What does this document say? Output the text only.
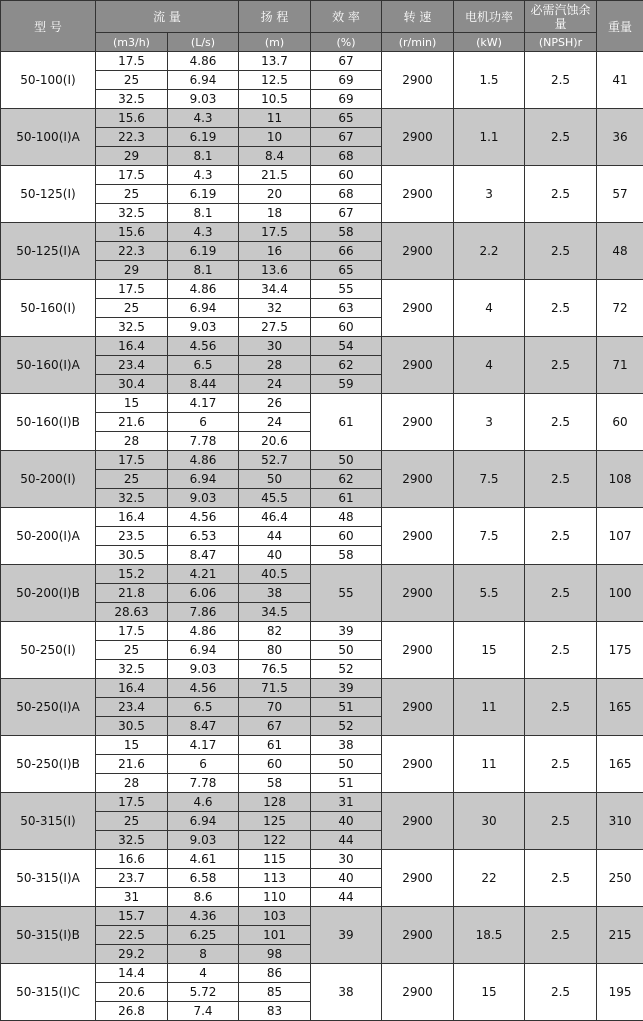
型 号	流 量		扬 程	效 率	转 速	电机功率	必需汽蚀余量	重量
	(m3/h)	(L/s)	(m)	(%)	(r/min)	(kW)	(NPSH)r	
50-100(I)	17.5	4.86	13.7	67	2900	1.5	2.5	41
	25	6.94	12.5	69				
	32.5	9.03	10.5	69				
50-100(I)A	15.6	4.3	11	65	2900	1.1	2.5	36
	22.3	6.19	10	67				
	29	8.1	8.4	68				
50-125(I)	17.5	4.3	21.5	60	2900	3	2.5	57
	25	6.19	20	68				
	32.5	8.1	18	67				
50-125(I)A	15.6	4.3	17.5	58	2900	2.2	2.5	48
	22.3	6.19	16	66				
	29	8.1	13.6	65				
50-160(I)	17.5	4.86	34.4	55	2900	4	2.5	72
	25	6.94	32	63				
	32.5	9.03	27.5	60				
50-160(I)A	16.4	4.56	30	54	2900	4	2.5	71
	23.4	6.5	28	62				
	30.4	8.44	24	59				
50-160(I)B	15	4.17	26	61	2900	3	2.5	60
	21.6	6	24					
	28	7.78	20.6					
50-200(I)	17.5	4.86	52.7	50	2900	7.5	2.5	108
	25	6.94	50	62				
	32.5	9.03	45.5	61				
50-200(I)A	16.4	4.56	46.4	48	2900	7.5	2.5	107
	23.5	6.53	44	60				
	30.5	8.47	40	58				
50-200(I)B	15.2	4.21	40.5	55	2900	5.5	2.5	100
	21.8	6.06	38					
	28.63	7.86	34.5					
50-250(I)	17.5	4.86	82	39	2900	15	2.5	175
	25	6.94	80	50				
	32.5	9.03	76.5	52				
50-250(I)A	16.4	4.56	71.5	39	2900	11	2.5	165
	23.4	6.5	70	51				
	30.5	8.47	67	52				
50-250(I)B	15	4.17	61	38	2900	11	2.5	165
	21.6	6	60	50				
	28	7.78	58	51				
50-315(I)	17.5	4.6	128	31	2900	30	2.5	310
	25	6.94	125	40				
	32.5	9.03	122	44				
50-315(I)A	16.6	4.61	115	30	2900	22	2.5	250
	23.7	6.58	113	40				
	31	8.6	110	44				
50-315(I)B	15.7	4.36	103	39	2900	18.5	2.5	215
	22.5	6.25	101					
	29.2	8	98					
50-315(I)C	14.4	4	86	38	2900	15	2.5	195
	20.6	5.72	85					
	26.8	7.4	83					
